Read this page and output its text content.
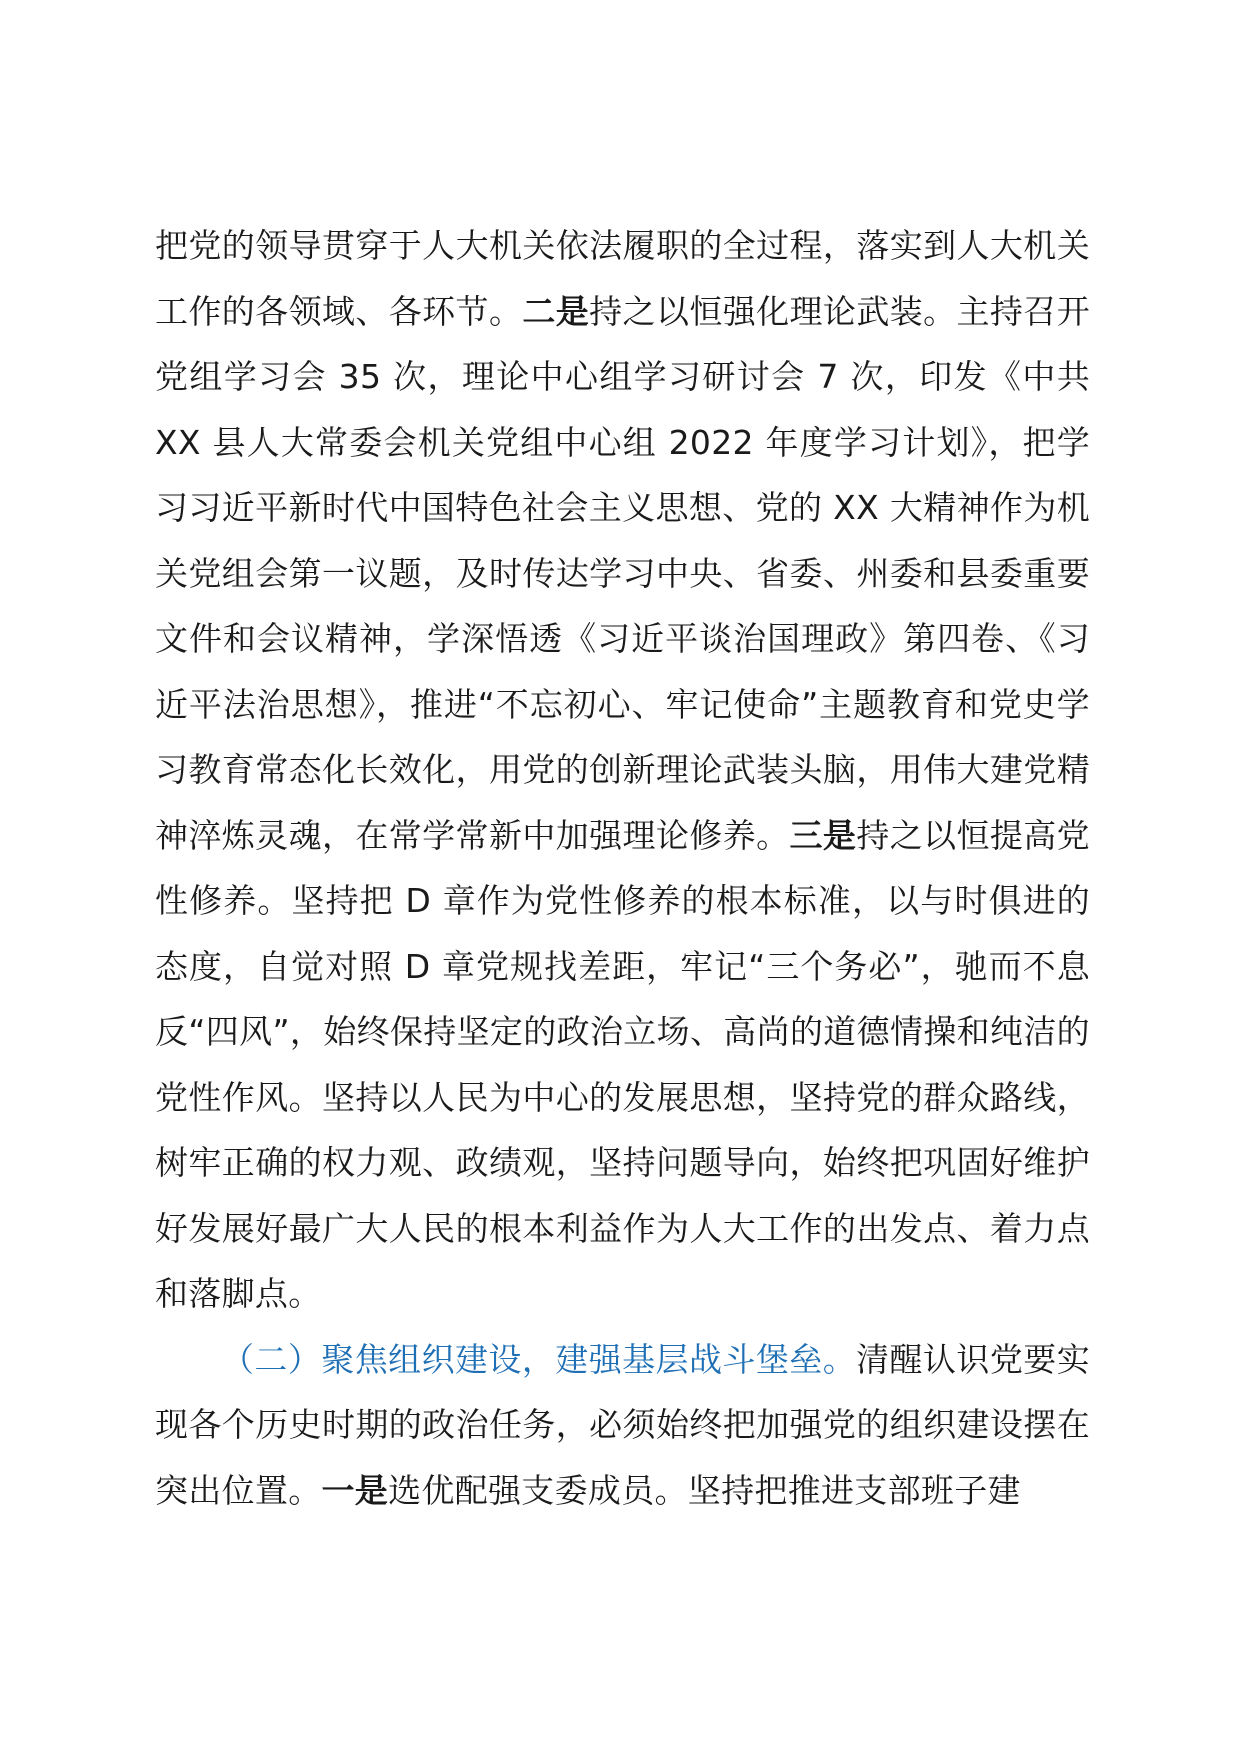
把党的领导贯穿于人大机关依法履职的全过程，落实到人大机关工作的各领域、各环节。二是持之以恒强化理论武装。主持召开党组学习会 35 次，理论中心组学习研讨会 7 次，印发《中共 XX 县人大常委会机关党组中心组 2022 年度学习计划》，把学习习近平新时代中国特色社会主义思想、党的 XX 大精神作为机关党组会第一议题，及时传达学习中央、省委、州委和县委重要文件和会议精神，学深悟透《习近平谈治国理政》第四卷、《习近平法治思想》，推进“不忘初心、牢记使命”主题教育和党史学习教育常态化长效化，用党的创新理论武装头脑，用伟大建党精神淬炼灵魂，在常学常新中加强理论修养。三是持之以恒提高党性修养。坚持把 D 章作为党性修养的根本标准，以与时俱进的态度，自觉对照 D 章党规找差距，牢记“三个务必”，驰而不息反“四风”，始终保持坚定的政治立场、高尚的道德情操和纯洁的党性作风。坚持以人民为中心的发展思想，坚持党的群众路线，树牢正确的权力观、政绩观，坚持问题导向，始终把巩固好维护好发展好最广大人民的根本利益作为人大工作的出发点、着力点和落脚点。

（二）聚焦组织建设，建强基层战斗堡垒。清醒认识党要实现各个历史时期的政治任务，必须始终把加强党的组织建设摆在突出位置。一是选优配强支委成员。坚持把推进支部班子建
